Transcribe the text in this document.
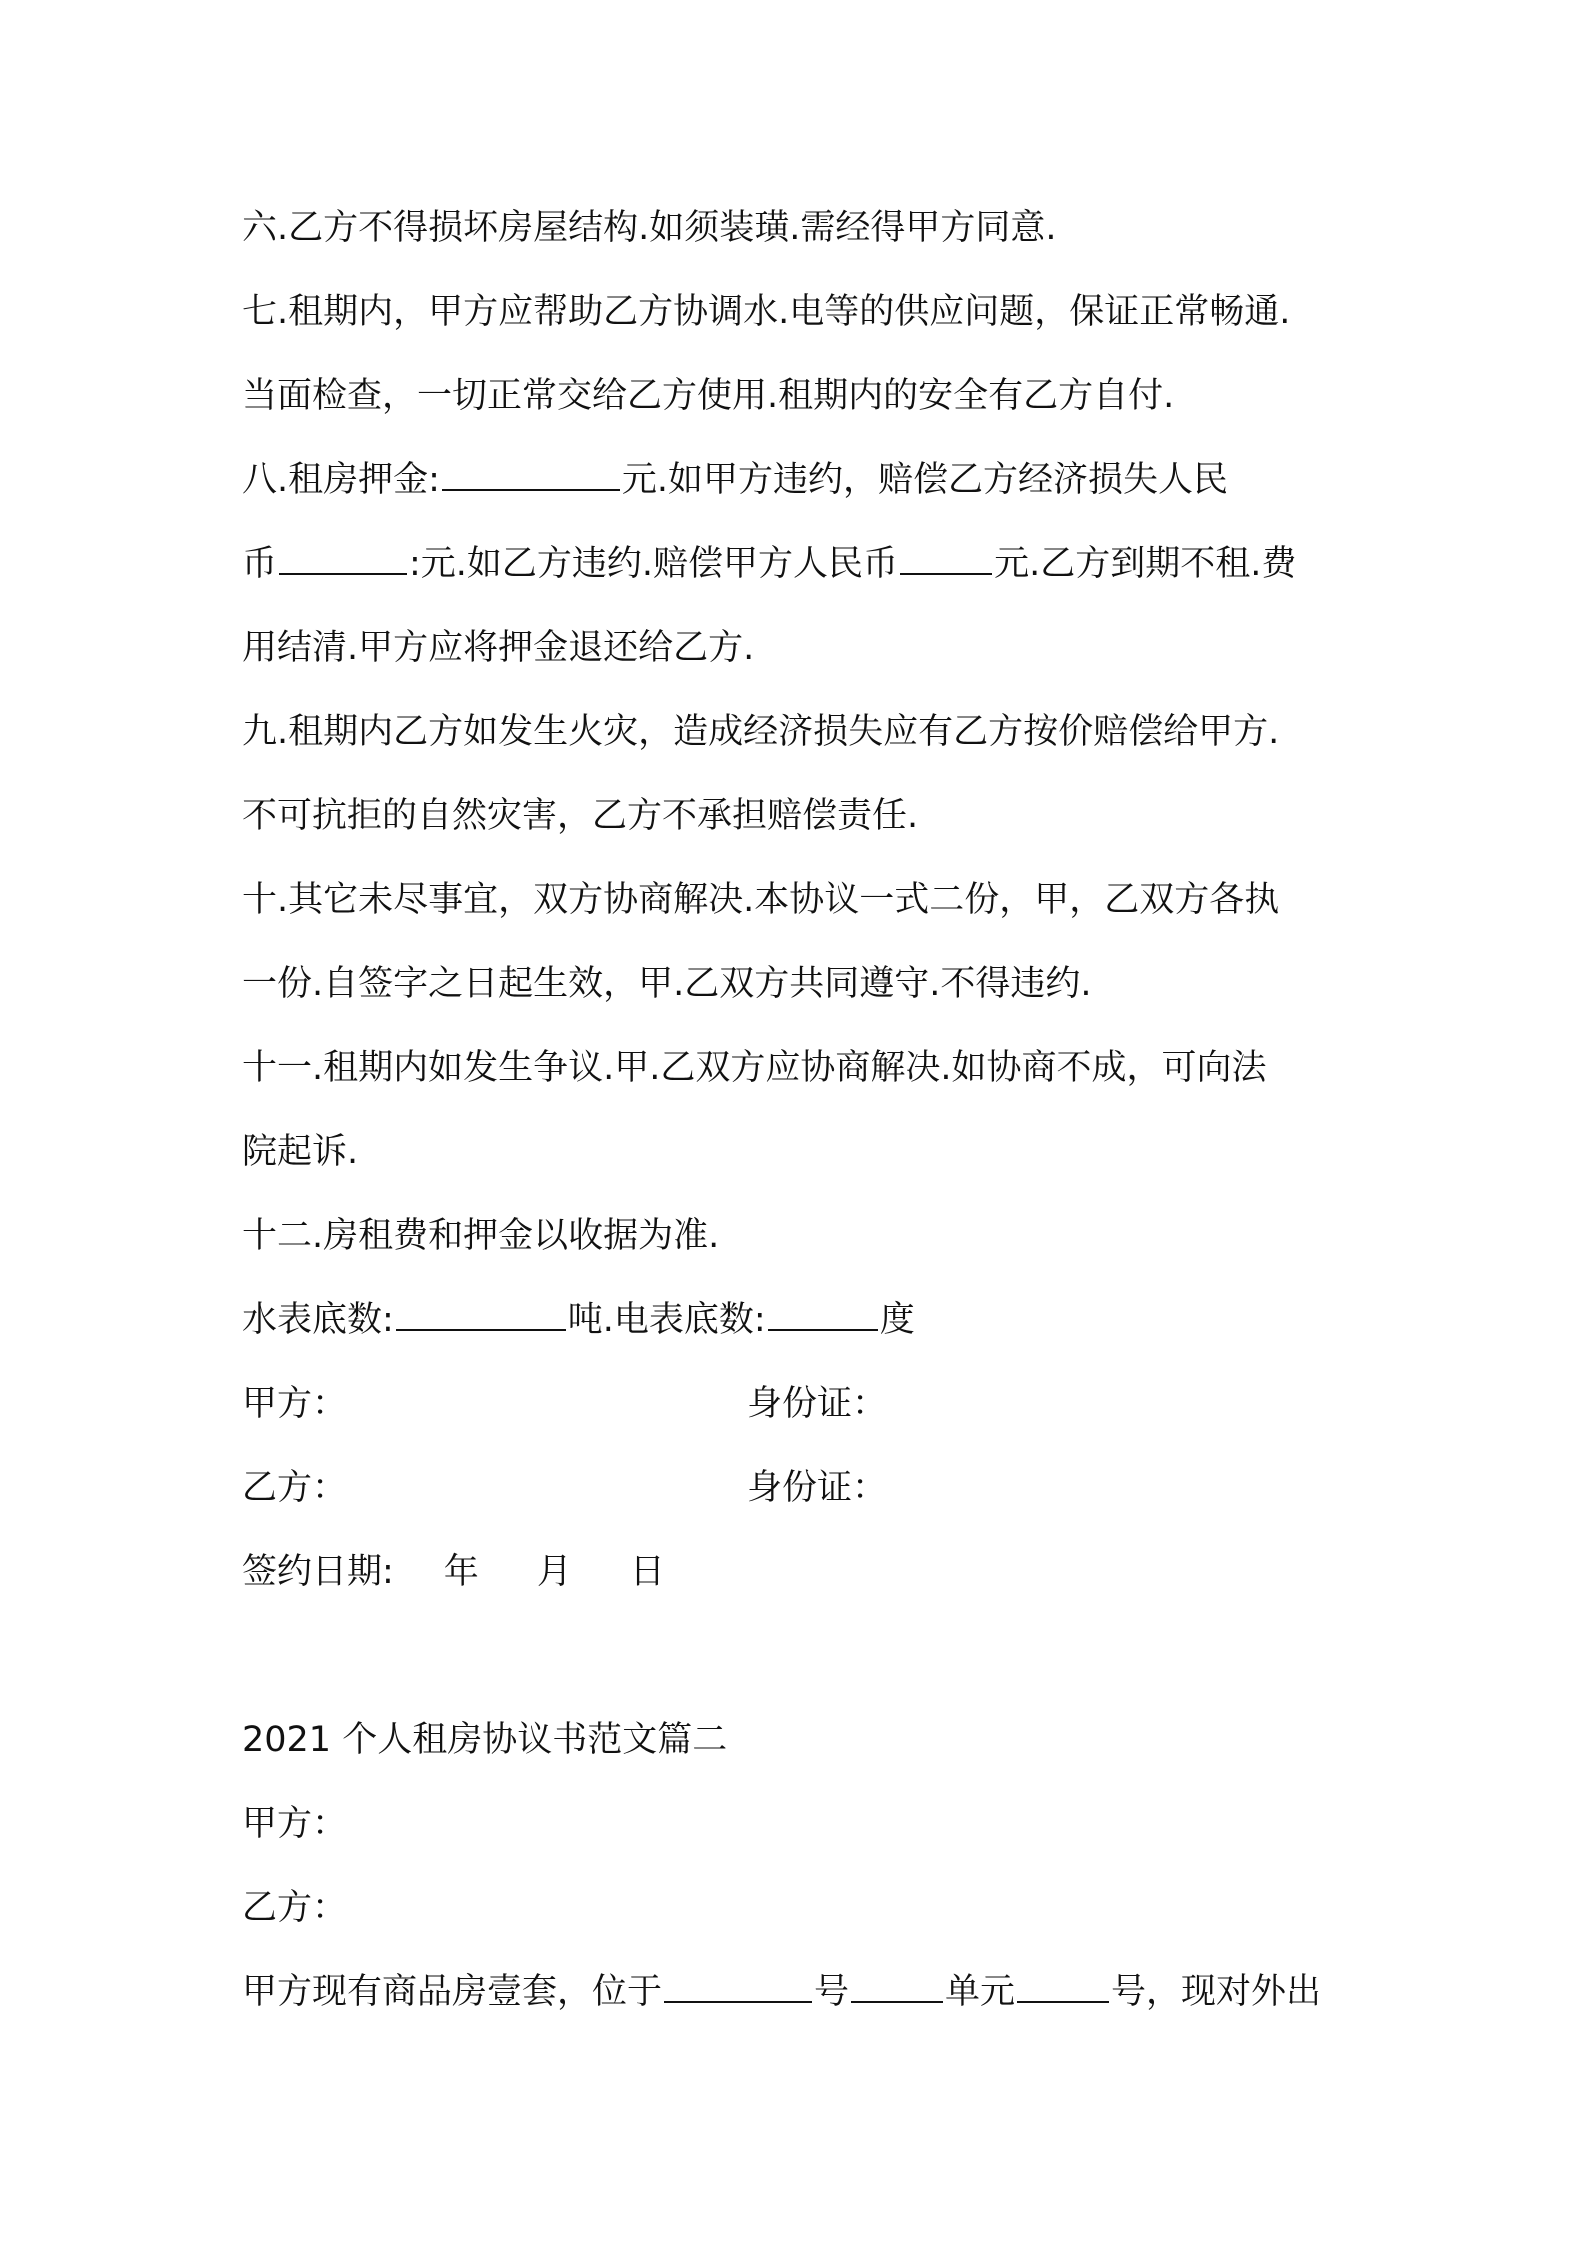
六.乙方不得损坏房屋结构.如须装璜.需经得甲方同意.
七.租期内，甲方应帮助乙方协调水.电等的供应问题，保证正常畅通.
当面检查，一切正常交给乙方使用.租期内的安全有乙方自付.
八.租房押金:	元.如甲方违约，赔偿乙方经济损失人民
币	:元.如乙方违约.赔偿甲方人民币	元.乙方到期不租.费
用结清.甲方应将押金退还给乙方.
九.租期内乙方如发生火灾，造成经济损失应有乙方按价赔偿给甲方.
不可抗拒的自然灾害，乙方不承担赔偿责任.
十.其它未尽事宜，双方协商解决.本协议一式二份，甲，乙双方各执
一份.自签字之日起生效，甲.乙双方共同遵守.不得违约.
十一.租期内如发生争议.甲.乙双方应协商解决.如协商不成，可向法
院起诉.
十二.房租费和押金以收据为准.
水表底数:	吨.电表底数:	度
甲方：	身份证：
乙方：	身份证：
签约日期: 年 月 日
2021 个人租房协议书范文篇二
甲方：
乙方：
甲方现有商品房壹套，位于	号	单元	号，现对外出
